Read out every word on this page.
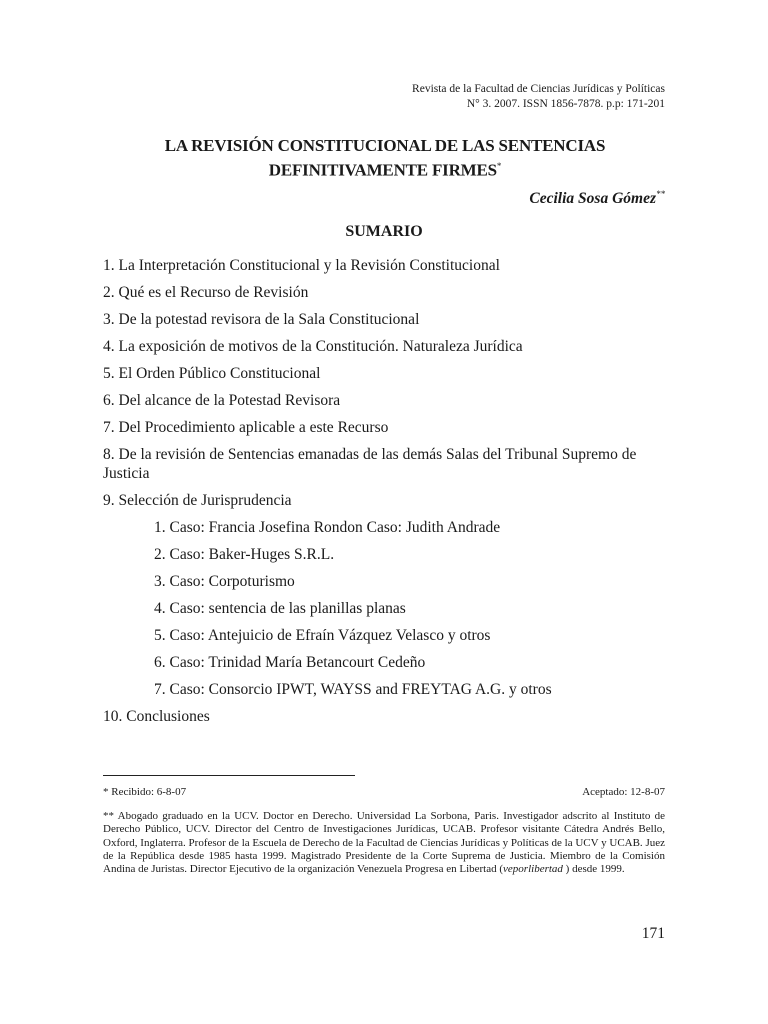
Revista de la Facultad de Ciencias Jurídicas y Políticas
N° 3. 2007. ISSN 1856-7878. p.p: 171-201
LA REVISIÓN CONSTITUCIONAL DE LAS SENTENCIAS
DEFINITIVAMENTE FIRMES*
Cecilia Sosa Gómez**
SUMARIO
1. La Interpretación Constitucional y la Revisión Constitucional
2. Qué es el Recurso de Revisión
3. De la potestad revisora de la Sala Constitucional
4. La exposición de motivos de la Constitución. Naturaleza Jurídica
5. El Orden Público Constitucional
6. Del alcance de la Potestad Revisora
7. Del Procedimiento aplicable a este Recurso
8. De la revisión de Sentencias emanadas de las demás Salas del Tribunal Supremo de Justicia
9. Selección de Jurisprudencia
1. Caso: Francia Josefina Rondon Caso: Judith Andrade
2. Caso: Baker-Huges S.R.L.
3. Caso: Corpoturismo
4. Caso: sentencia de las planillas planas
5. Caso: Antejuicio de Efraín Vázquez Velasco y otros
6. Caso: Trinidad María Betancourt Cedeño
7. Caso: Consorcio IPWT, WAYSS and FREYTAG A.G. y otros
10. Conclusiones
* Recibido: 6-8-07	Aceptado: 12-8-07
** Abogado graduado en la UCV. Doctor en Derecho. Universidad La Sorbona, Paris. Investigador adscrito al Instituto de Derecho Público, UCV. Director del Centro de Investigaciones Jurídicas, UCAB. Profesor visitante Cátedra Andrés Bello, Oxford, Inglaterra. Profesor de la Escuela de Derecho de la Facultad de Ciencias Jurídicas y Políticas de la UCV y UCAB. Juez de la República desde 1985 hasta 1999. Magistrado Presidente de la Corte Suprema de Justicia. Miembro de la Comisión Andina de Juristas. Director Ejecutivo de la organización Venezuela Progresa en Libertad (veporlibertad ) desde 1999.
171
